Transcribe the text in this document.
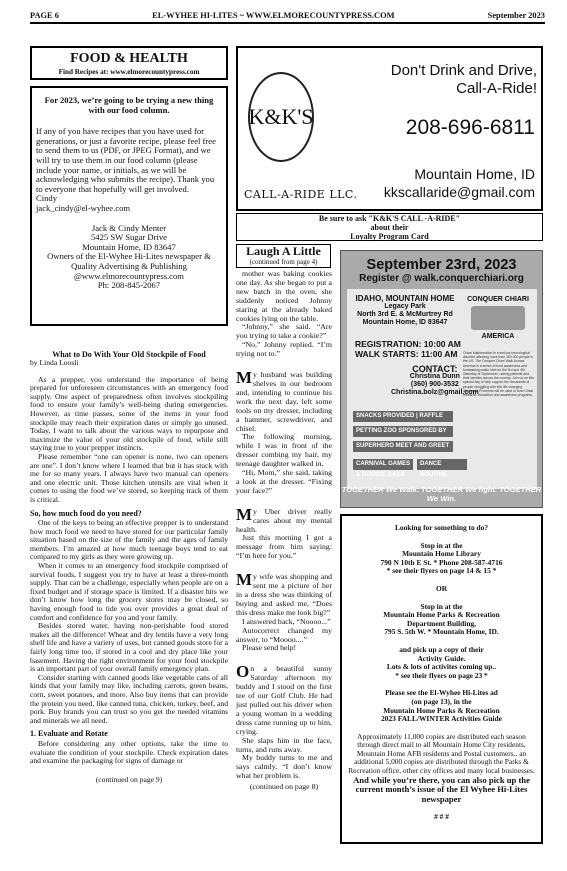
PAGE 6	EL-WYHEE HI-LITES ~ WWW.ELMORECOUNTYPRESS.COM	September 2023
FOOD & HEALTH
Find Recipes at: www.elmorecountypress.com
For 2023, we’re going to be trying a new thing with our food column.

If any of you have recipes that you have used for generations, or just a favorite recipe, please feel free to send them to us (PDF, or JPEG Format), and we will try to use them in our food column (please include your name, or initials, as we will be acknowledging who submits the recipe). Thank you to everyone that hopefully will get involved.

Cindy

jack_cindy@el-wyhee.com

Jack & Cindy Menter

5425 SW Sugar Drive

Mountain Home, ID 83647

Owners of the El-Wyhee Hi-Lites newspaper & Quality Advertising & Publishing @www.elmorecountypress.com

Ph: 208-845-2067

What to Do With Your Old Stockpile of Food
by Linda Loosli

As a prepper, you understand the importance of being prepared for unforeseen circumstances with an emergency food supply. One aspect of preparedness often involves stockpiling food to ensure your family’s well-being during emergencies. However, as time passes, some of the items in your food stockpile may reach their expiration dates or simply go unused. Today, I want to talk about the various ways to repurpose and maximize the value of your old stockpile of food, while still staying true to your prepper instincts.

Please remember “one can opener is none, two can openers are one”. I don’t know where I learned that but it has stuck with me for so many years. I always have two manual can openers and one electric unit. Those kitchen utensils are vital when it comes to using the food we’ve stored, so keeping track of them is critical.

So, how much food do you need?

One of the keys to being an effective prepper is to understand how much food we need to have stored for our particular family situation based on the size of the family and the ages of family members. I’m amazed at how much teenage boys tend to eat compared to my girls as they were growing up.

When it comes to an emergency food stockpile comprised of survival foods, I suggest you try to have at least a three-month supply. That can be a challenge, especially when people are on a fixed budget and if storage space is limited. If a disaster hits we don’t know how long the grocery stores may be closed, so having enough food to tide you over provides a great deal of comfort and confidence for you and your family.

Besides stored water, having non-perishable food stored makes all the difference! Wheat and dry lentils have a very long shelf life and have a variety of uses, but canned goods store for a fairly long time too, if stored in a cool and dry place like your basement. Having the right environment for your food stockpile is an important part of your overall family emergency plan.

Consider starting with canned goods like vegetable cans of all kinds that your family may like, including carrots, green beans, corn, sweet potatoes, and more. Also buy items that can provide the protein you need, like canned tuna, chicken, turkey, beef, and pork. Buy brands you can trust so you get the needed vitamins and minerals we all need.

1. Evaluate and Rotate

Before considering any other options, take the time to evaluate the condition of your stockpile. Check expiration dates and examine the packaging for signs of damage or

(continued on page 9)

K&K'S
CALL-A-RIDE LLC.
Don't Drink and Drive,
Call-A-Ride!
208-696-6811
Mountain Home, ID
kkscallaride@gmail.com
Be sure to ask "K&K'S CALL -A-RIDE"
about their
Loyalty Program Card
Laugh A Little
(continued from page 4)

mother was baking cookies one day. As she began to put a new batch in the oven, she suddenly noticed Johnny staring at the already baked cookies lying on the table.

“Johnny,” she said. “Are you trying to take a cookie?”

“No,” Johnny replied. “I’m trying not to.”

My husband was building shelves in our bedroom and, intending to continue his work the next day, left some tools on my dresser, including a hammer, screwdriver, and chisel.

The following morning, while I was in front of the dresser combing my hair, my teenage daughter walked in.

“Hi, Mom,” she said, taking a look at the dresser. “Fixing your face?”

My Uber driver really cares about my mental health.

Just this morning I got a message from him saying: “I’m here for you.”

My wife was shopping and sent me a picture of her in a dress she was thinking of buying and asked me, “Does this dress make me look big?”

I answered back, “Noooo...”

Autocorrect changed my answer, to “Moooo....”

Please send help!

On a beautiful sunny Saturday afternoon my buddy and I stood on the first tee of our Golf Club. He had just pulled out his driver when a young woman in a wedding dress came running up to him, crying.

She slaps him in the face, turns, and runs away.

My buddy turns to me and says calmly, “I don’t know what her problem is.

(continued on page 8)

September 23rd, 2023
Register @ walk.conquerchiari.org
IDAHO, MOUNTAIN HOME
Legacy Park
North 3rd E. & McMurtrey Rd
Mountain Home, ID 83647
REGISTRATION: 10:00 AM
WALK STARTS: 11:00 AM
CONTACT:
Christina Dunn
(360) 900-3532
Christina.bolz@gmail.com
CONQUER CHIARI
AMERICA
Chiari Malformation is a serious neurological disorder affecting more than 300,000 people in the US. The Conquer Chiari Walk Across America is a series of fund awareness and fundraising walks held on the 3rd and 4th Saturday of September, uniting patients and their families across the country. Join us on this special day to help support the thousands of people struggling with this life-changing diagnosis. Proceeds will be used to fund Chiari research, education and awareness programs.
SNACKS PROVIDED | RAFFLE
PETTING ZOO SPONSORED BY
SUPERHERO MEET AND GREET
CARNIVAL GAMES & GOODIE BAGS
DANCE ROUTINE
TOGETHER We Walk. TOGETHER We fight. TOGETHER We Win.
Looking for something to do?
Stop in at the
Mountain Home Library
790 N 10th E St. * Phone 208-587-4716
* see their flyers on page 14 & 15 *
OR
Stop in at the
Mountain Home Parks & Recreation
Department Building,
795 S. 5th W. * Mountain Home, ID.
and pick up a copy of their
Activity Guide.
Lots & lots of activites coming up..
* see their flyers on page 23 *
Please see the El-Wyhee Hi-Lites ad
(on page 13), in the
Mountain Home Parks & Recreation
2023 FALL/WINTER Activities Guide
Approximately 11,000 copies are distributed each season through direct mail to all Mountain Home City residents, Mountain Home AFB residents and Postal customers.. an additional 5,000 copies are distributed through the Parks & Recreation office, other city offices and many local businesses.
And while you’re there, you can also pick up the current month’s issue of the El Wyhee Hi-Lites newspaper
# # #
